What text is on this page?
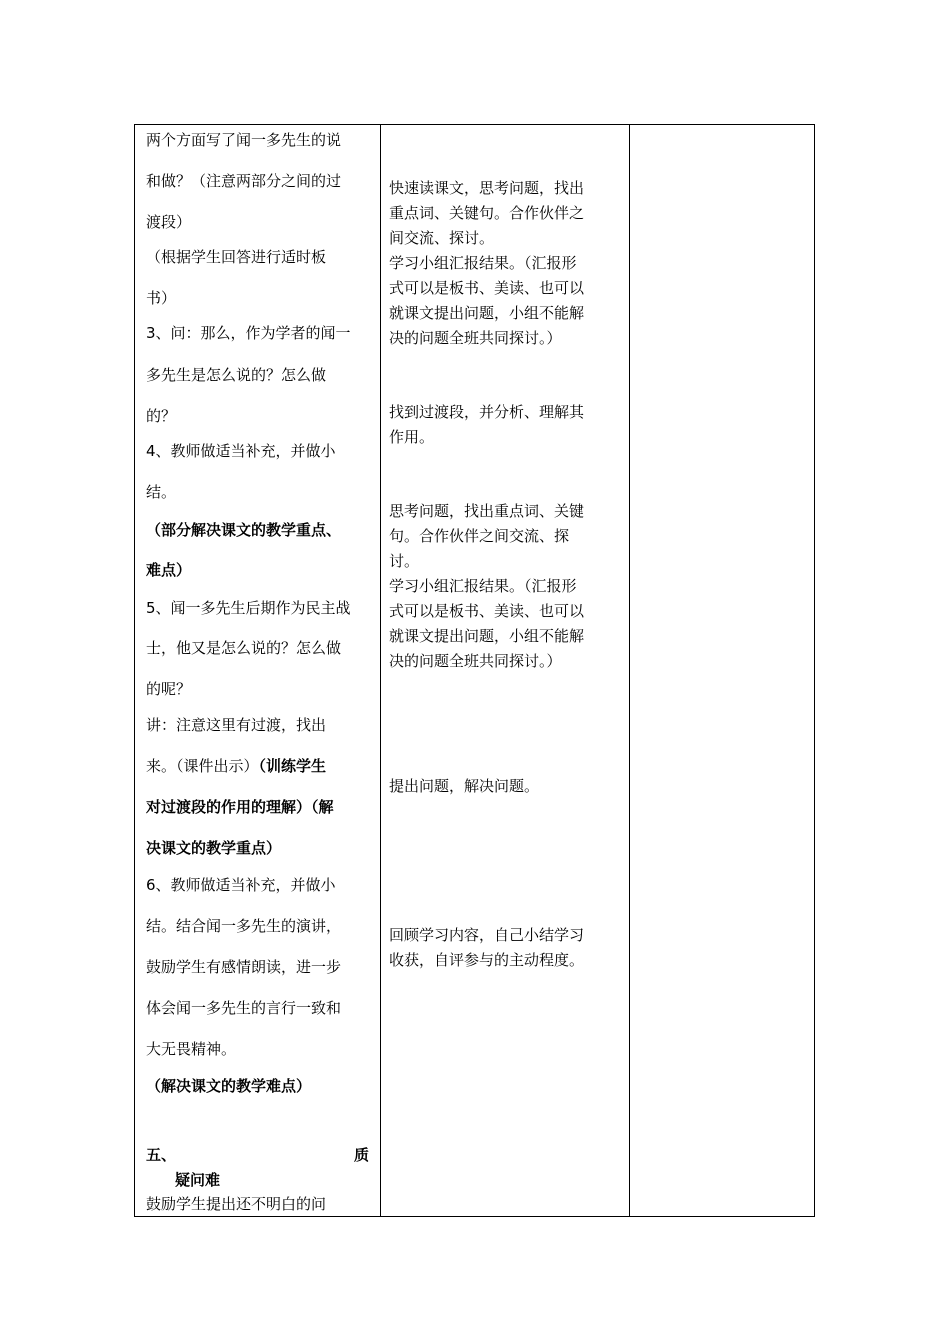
两个方面写了闻一多先生的说
和做？（注意两部分之间的过
渡段）
（根据学生回答进行适时板
书）
3、问：那么，作为学者的闻一
多先生是怎么说的？怎么做
的？
4、教师做适当补充，并做小
结。
（部分解决课文的教学重点、
难点）
5、闻一多先生后期作为民主战
士，他又是怎么说的？怎么做
的呢？
讲：注意这里有过渡，找出
来。（课件出示）（训练学生
对过渡段的作用的理解）（解
决课文的教学重点）
6、教师做适当补充，并做小
结。结合闻一多先生的演讲，
鼓励学生有感情朗读，进一步
体会闻一多先生的言行一致和
大无畏精神。
（解决课文的教学难点）
五、	质
疑问难
鼓励学生提出还不明白的问
快速读课文，思考问题，找出
重点词、关键句。合作伙伴之
间交流、探讨。
学习小组汇报结果。（汇报形
式可以是板书、美读、也可以
就课文提出问题，小组不能解
决的问题全班共同探讨。）
找到过渡段，并分析、理解其
作用。
思考问题，找出重点词、关键
句。合作伙伴之间交流、探
讨。
学习小组汇报结果。（汇报形
式可以是板书、美读、也可以
就课文提出问题，小组不能解
决的问题全班共同探讨。）
提出问题，解决问题。
回顾学习内容，自己小结学习
收获，自评参与的主动程度。
